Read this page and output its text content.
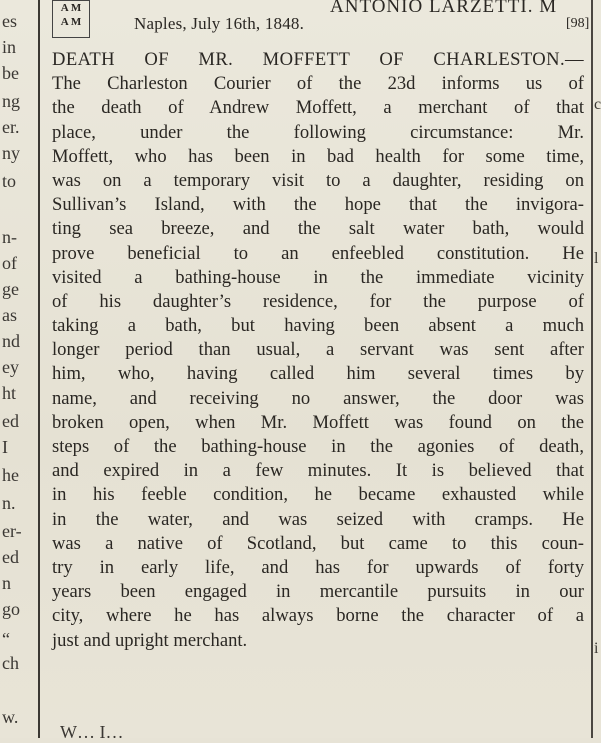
es
in
be
ng
er.
ny
to
n-
of
ge
as
nd
ey
ht
ed
I
he
n.
er-
ed
n
go
“
ch
w.
A M
A M	Naples, July 16th, 1848.
ANTONIO LARZETTI. M
[98]
DEATH OF MR. MOFFETT OF CHARLESTON.—
The Charleston Courier of the 23d informs us of
the death of Andrew Moffett, a merchant of that
place, under the following circumstance: Mr.
Moffett, who has been in bad health for some time,
was on a temporary visit to a daughter, residing on
Sullivan’s Island, with the hope that the invigora-
ting sea breeze, and the salt water bath, would
prove beneficial to an enfeebled constitution. He
visited a bathing-house in the immediate vicinity
of his daughter’s residence, for the purpose of
taking a bath, but having been absent a much
longer period than usual, a servant was sent after
him, who, having called him several times by
name, and receiving no answer, the door was
broken open, when Mr. Moffett was found on the
steps of the bathing-house in the agonies of death,
and expired in a few minutes. It is believed that
in his feeble condition, he became exhausted while
in the water, and was seized with cramps. He
was a native of Scotland, but came to this coun-
try in early life, and has for upwards of forty
years been engaged in mercantile pursuits in our
city, where he has always borne the character of a
just and upright merchant.
W… I…
c
l
i
